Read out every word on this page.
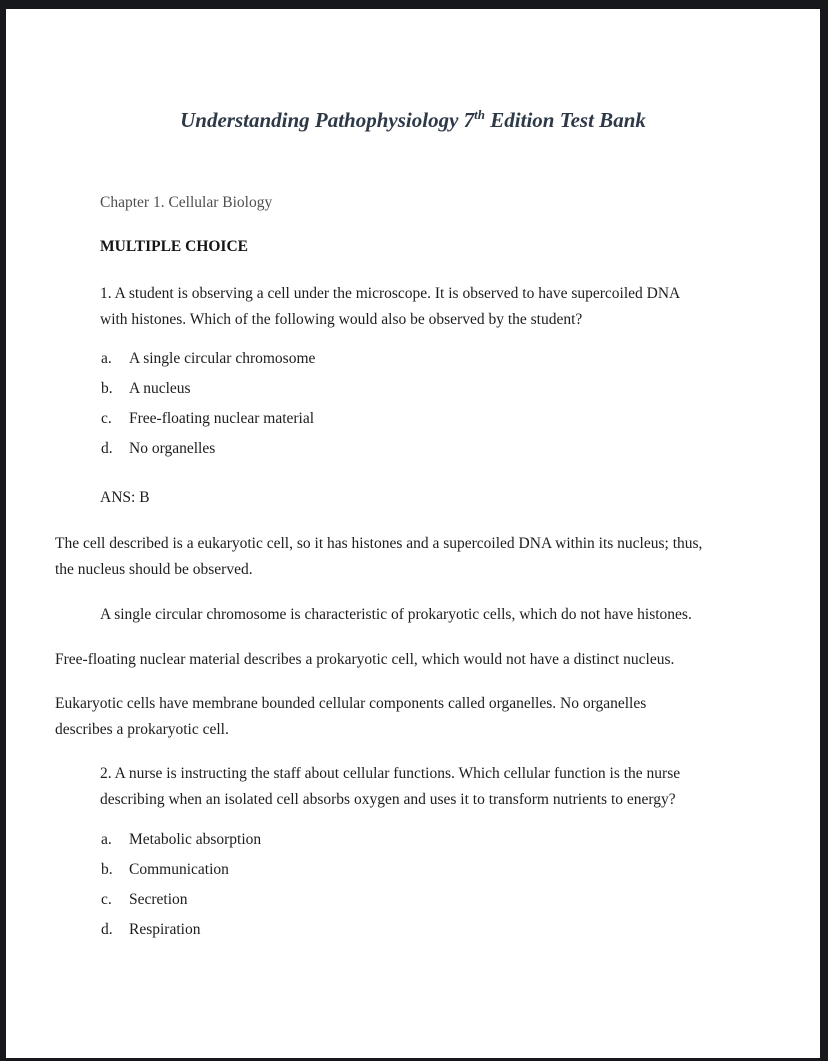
Understanding Pathophysiology 7th Edition Test Bank

Chapter 1. Cellular Biology

MULTIPLE CHOICE

1. A student is observing a cell under the microscope. It is observed to have supercoiled DNA with histones. Which of the following would also be observed by the student?

a.	A single circular chromosome
b.	A nucleus
c.	Free-floating nuclear material
d.	No organelles

ANS: B

The cell described is a eukaryotic cell, so it has histones and a supercoiled DNA within its nucleus; thus, the nucleus should be observed.

A single circular chromosome is characteristic of prokaryotic cells, which do not have histones.

Free-floating nuclear material describes a prokaryotic cell, which would not have a distinct nucleus.

Eukaryotic cells have membrane bounded cellular components called organelles. No organelles describes a prokaryotic cell.

2. A nurse is instructing the staff about cellular functions. Which cellular function is the nurse describing when an isolated cell absorbs oxygen and uses it to transform nutrients to energy?

a.	Metabolic absorption
b.	Communication
c.	Secretion
d.	Respiration
